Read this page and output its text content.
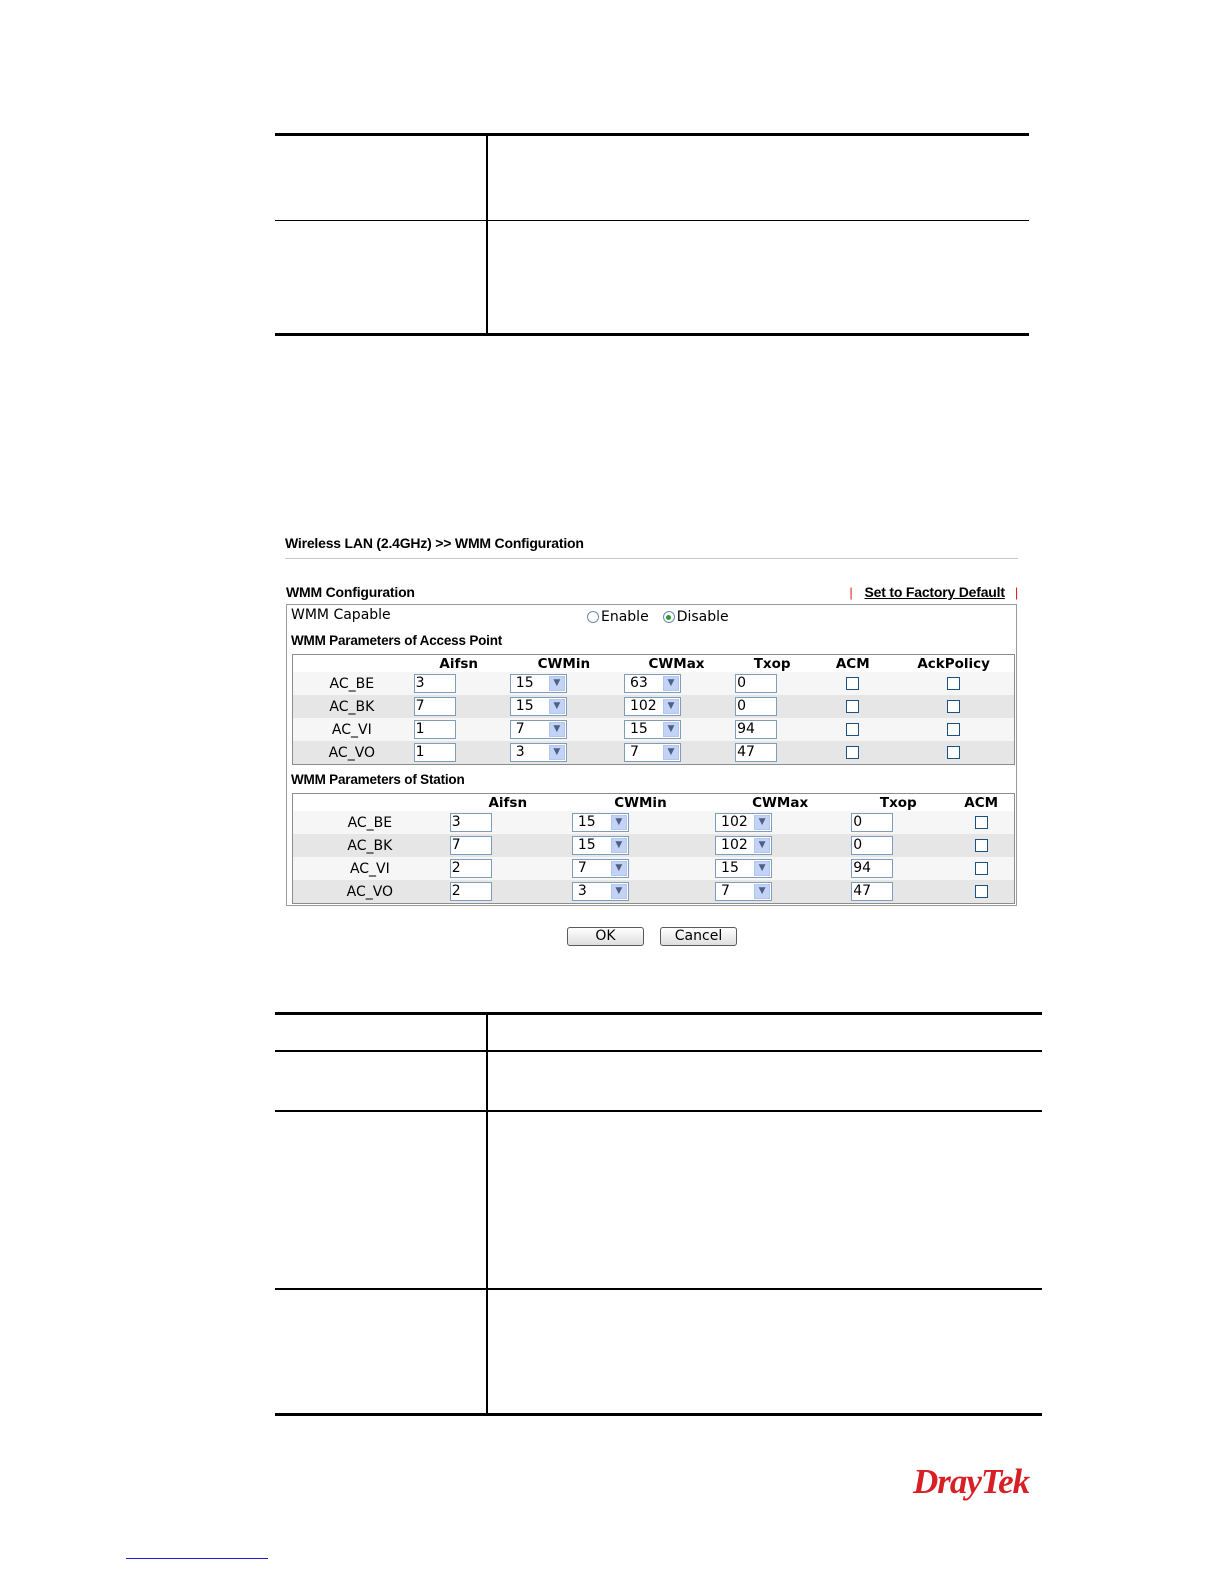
Wireless LAN (2.4GHz) >> WMM Configuration
WMM Configuration	| Set to Factory Default |
WMM Capable	Enable Disable
WMM Parameters of Access Point
	Aifsn	CWMin	CWMax	Txop	ACM	AckPolicy
AC_BE	3	15 ▼	63 ▼	0		
AC_BK	7	15 ▼	102 ▼	0		
AC_VI	1	7 ▼	15 ▼	94		
AC_VO	1	3 ▼	7 ▼	47		
WMM Parameters of Station
	Aifsn	CWMin	CWMax	Txop	ACM
AC_BE	3	15 ▼	102 ▼	0	
AC_BK	7	15 ▼	102 ▼	0	
AC_VI	2	7 ▼	15 ▼	94	
AC_VO	2	3 ▼	7 ▼	47	
OK	Cancel

DrayTek
